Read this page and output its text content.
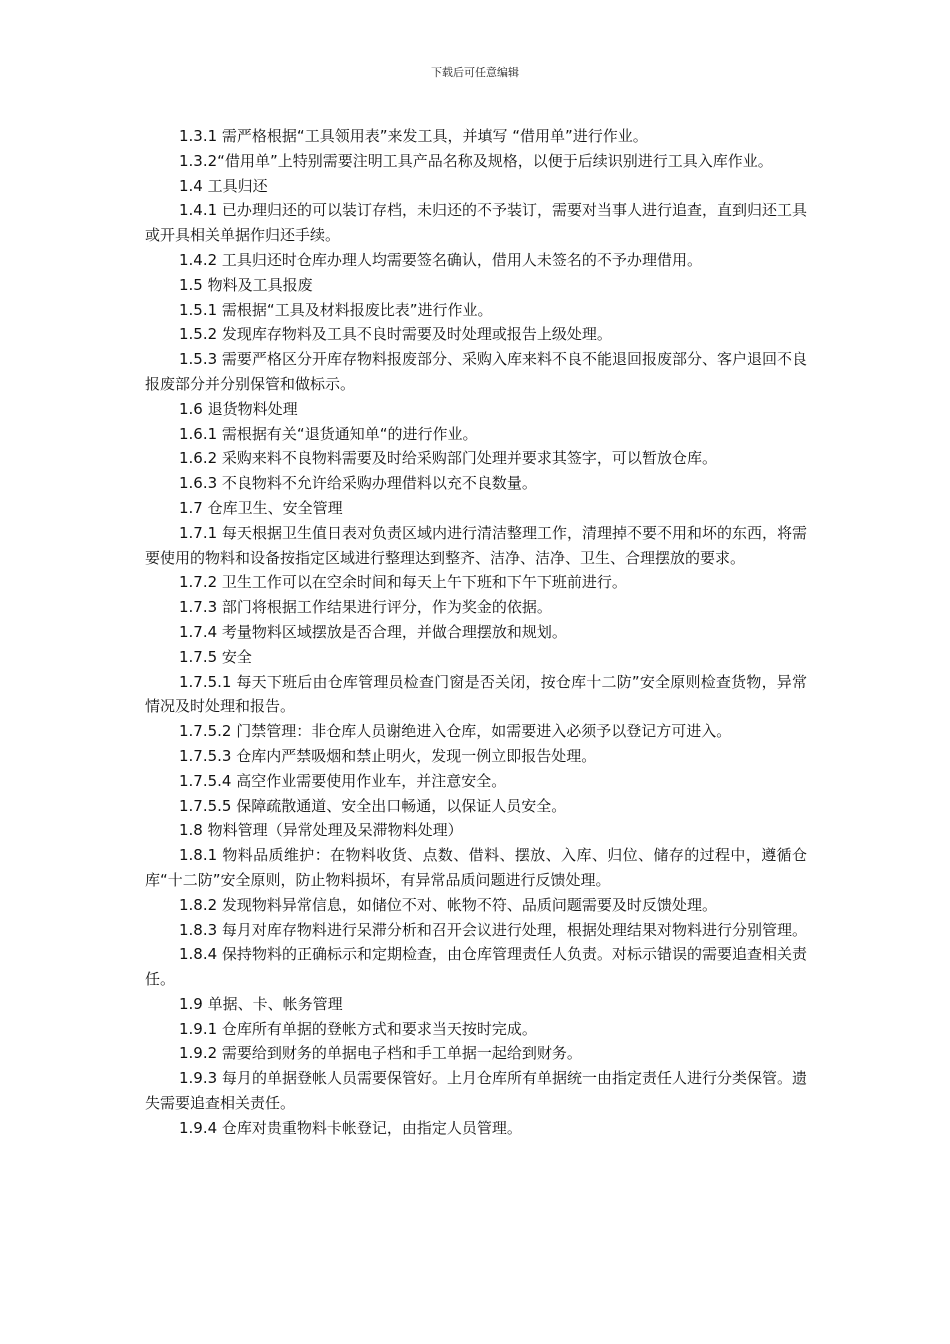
下载后可任意编辑

1.3.1 需严格根据“工具领用表”来发工具，并填写 “借用单”进行作业。

1.3.2“借用单”上特别需要注明工具产品名称及规格，以便于后续识别进行工具入库作业。

1.4 工具归还

1.4.1 已办理归还的可以装订存档，未归还的不予装订，需要对当事人进行追查，直到归还工具或开具相关单据作归还手续。

1.4.2 工具归还时仓库办理人均需要签名确认，借用人未签名的不予办理借用。

1.5 物料及工具报废

1.5.1 需根据“工具及材料报废比表”进行作业。

1.5.2 发现库存物料及工具不良时需要及时处理或报告上级处理。

1.5.3 需要严格区分开库存物料报废部分、采购入库来料不良不能退回报废部分、客户退回不良报废部分并分别保管和做标示。

1.6 退货物料处理

1.6.1 需根据有关“退货通知单“的进行作业。

1.6.2 采购来料不良物料需要及时给采购部门处理并要求其签字，可以暂放仓库。

1.6.3 不良物料不允许给采购办理借料以充不良数量。

1.7 仓库卫生、安全管理

1.7.1 每天根据卫生值日表对负责区域内进行清洁整理工作，清理掉不要不用和坏的东西，将需要使用的物料和设备按指定区域进行整理达到整齐、洁净、洁净、卫生、合理摆放的要求。

1.7.2 卫生工作可以在空余时间和每天上午下班和下午下班前进行。

1.7.3 部门将根据工作结果进行评分，作为奖金的依据。

1.7.4 考量物料区域摆放是否合理，并做合理摆放和规划。

1.7.5 安全

1.7.5.1 每天下班后由仓库管理员检查门窗是否关闭，按仓库十二防”安全原则检查货物，异常情况及时处理和报告。

1.7.5.2 门禁管理：非仓库人员谢绝进入仓库，如需要进入必须予以登记方可进入。

1.7.5.3 仓库内严禁吸烟和禁止明火，发现一例立即报告处理。

1.7.5.4 高空作业需要使用作业车，并注意安全。

1.7.5.5 保障疏散通道、安全出口畅通，以保证人员安全。

1.8 物料管理（异常处理及呆滞物料处理）

1.8.1 物料品质维护：在物料收货、点数、借料、摆放、入库、归位、储存的过程中，遵循仓库“十二防”安全原则，防止物料损坏，有异常品质问题进行反馈处理。

1.8.2 发现物料异常信息，如储位不对、帐物不符、品质问题需要及时反馈处理。

1.8.3 每月对库存物料进行呆滞分析和召开会议进行处理，根据处理结果对物料进行分别管理。

1.8.4 保持物料的正确标示和定期检查，由仓库管理责任人负责。对标示错误的需要追查相关责任。

1.9 单据、卡、帐务管理

1.9.1 仓库所有单据的登帐方式和要求当天按时完成。

1.9.2 需要给到财务的单据电子档和手工单据一起给到财务。

1.9.3 每月的单据登帐人员需要保管好。上月仓库所有单据统一由指定责任人进行分类保管。遗失需要追查相关责任。

1.9.4 仓库对贵重物料卡帐登记，由指定人员管理。
